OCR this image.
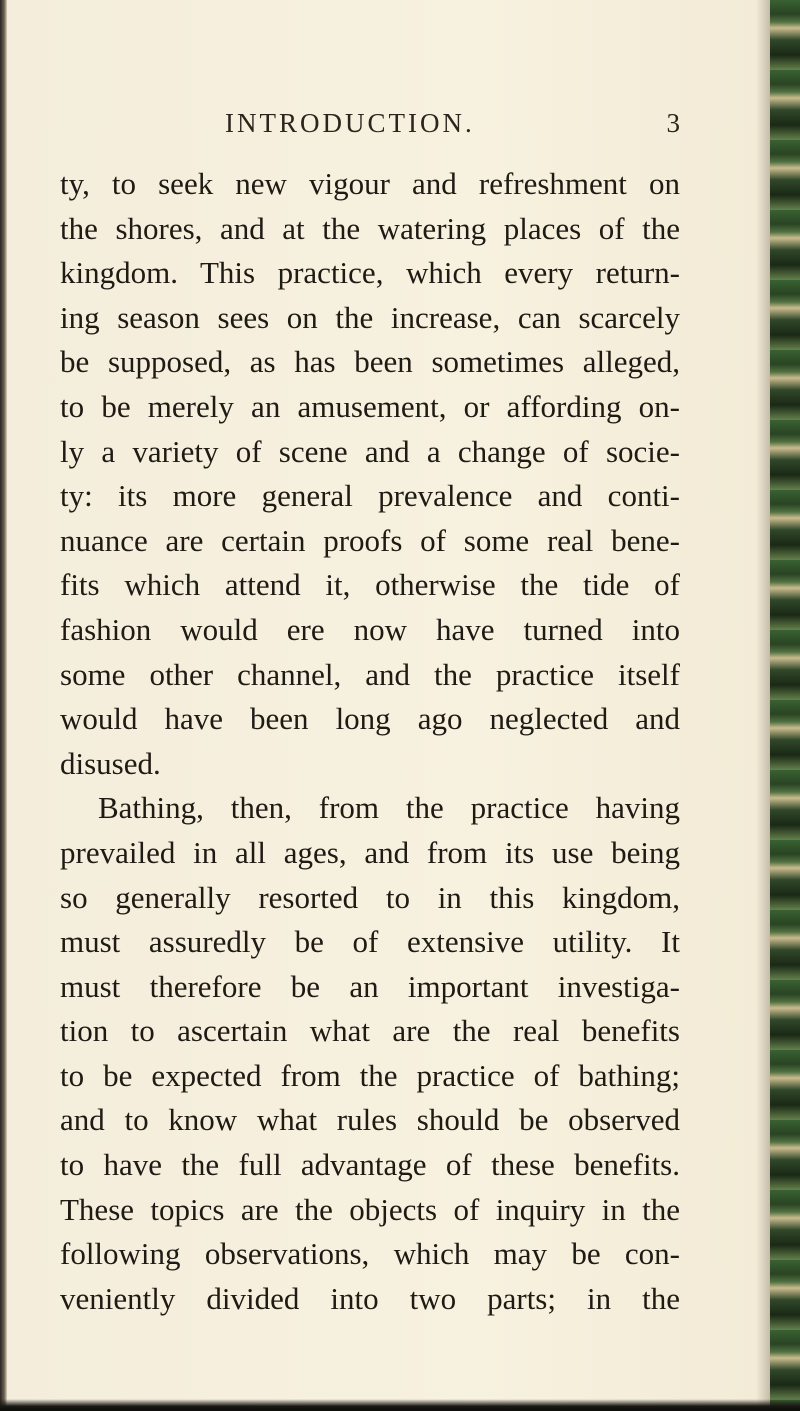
INTRODUCTION.	3
ty, to seek new vigour and refreshment on
the shores, and at the watering places of the
kingdom. This practice, which every return-
ing season sees on the increase, can scarcely
be supposed, as has been sometimes alleged,
to be merely an amusement, or affording on-
ly a variety of scene and a change of socie-
ty: its more general prevalence and conti-
nuance are certain proofs of some real bene-
fits which attend it, otherwise the tide of
fashion would ere now have turned into
some other channel, and the practice itself
would have been long ago neglected and
disused.
Bathing, then, from the practice having
prevailed in all ages, and from its use being
so generally resorted to in this kingdom,
must assuredly be of extensive utility. It
must therefore be an important investiga-
tion to ascertain what are the real benefits
to be expected from the practice of bathing;
and to know what rules should be observed
to have the full advantage of these benefits.
These topics are the objects of inquiry in the
following observations, which may be con-
veniently divided into two parts; in the
